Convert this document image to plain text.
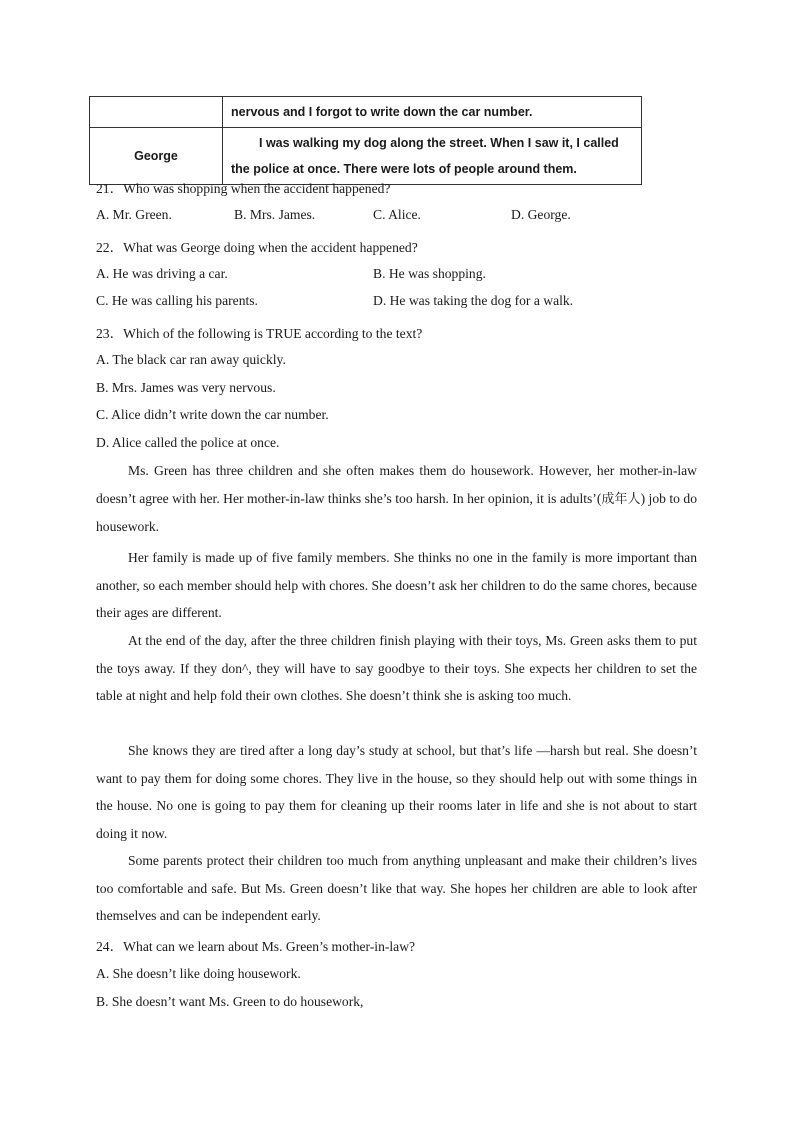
	nervous and I forgot to write down the car number.
George	I was walking my dog along the street. When I saw it, I called the police at once. There were lots of people around them.
21．Who was shopping when the accident happened?
A. Mr. Green.	B. Mrs. James.	C. Alice.	D. George.
22．What was George doing when the accident happened?
A. He was driving a car.	B. He was shopping.
C. He was calling his parents.	D. He was taking the dog for a walk.
23．Which of the following is TRUE according to the text?
A. The black car ran away quickly.
B. Mrs. James was very nervous.
C. Alice didn’t write down the car number.
D. Alice called the police at once.
Ms. Green has three children and she often makes them do housework. However, her mother-in-law doesn’t agree with her. Her mother-in-law thinks she’s too harsh. In her opinion, it is adults’(成年人) job to do housework.
Her family is made up of five family members. She thinks no one in the family is more important than another, so each member should help with chores. She doesn’t ask her children to do the same chores, because their ages are different.
At the end of the day, after the three children finish playing with their toys, Ms. Green asks them to put the toys away. If they don^, they will have to say goodbye to their toys. She expects her children to set the table at night and help fold their own clothes. She doesn’t think she is asking too much.
She knows they are tired after a long day’s study at school, but that’s life —harsh but real. She doesn’t want to pay them for doing some chores. They live in the house, so they should help out with some things in the house. No one is going to pay them for cleaning up their rooms later in life and she is not about to start doing it now.
Some parents protect their children too much from anything unpleasant and make their children’s lives too comfortable and safe. But Ms. Green doesn’t like that way. She hopes her children are able to look after themselves and can be independent early.
24．What can we learn about Ms. Green’s mother-in-law?
A. She doesn’t like doing housework.
B. She doesn’t want Ms. Green to do housework,
